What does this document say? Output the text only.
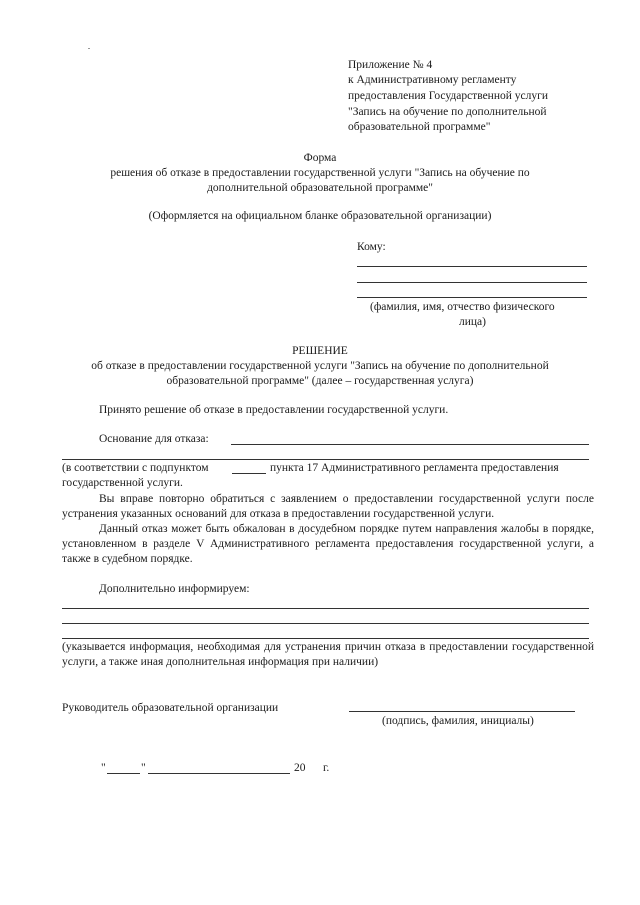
Приложение № 4
к Административному регламенту
предоставления Государственной услуги
"Запись на обучение по дополнительной
образовательной программе"
Форма
решения об отказе в предоставлении государственной услуги "Запись на обучение по
дополнительной образовательной программе"
(Оформляется на официальном бланке образовательной организации)
Кому:
(фамилия, имя, отчество физического
лица)
РЕШЕНИЕ
об отказе в предоставлении государственной услуги "Запись на обучение по дополнительной
образовательной программе" (далее – государственная услуга)
Принято решение об отказе в предоставлении государственной услуги.
Основание для отказа:
(в соответствии с подпунктом	пункта 17 Административного регламента предоставления
государственной услуги.
Вы вправе повторно обратиться с заявлением о предоставлении государственной услуги после устранения указанных оснований для отказа в предоставлении государственной услуги.
Данный отказ может быть обжалован в досудебном порядке путем направления жалобы в порядке, установленном в разделе V Административного регламента предоставления государственной услуги, а также в судебном порядке.
Дополнительно информируем:
(указывается информация, необходимая для устранения причин отказа в предоставлении государственной услуги, а также иная дополнительная информация при наличии)
Руководитель образовательной организации
(подпись, фамилия, инициалы)
"	"	20 г.
